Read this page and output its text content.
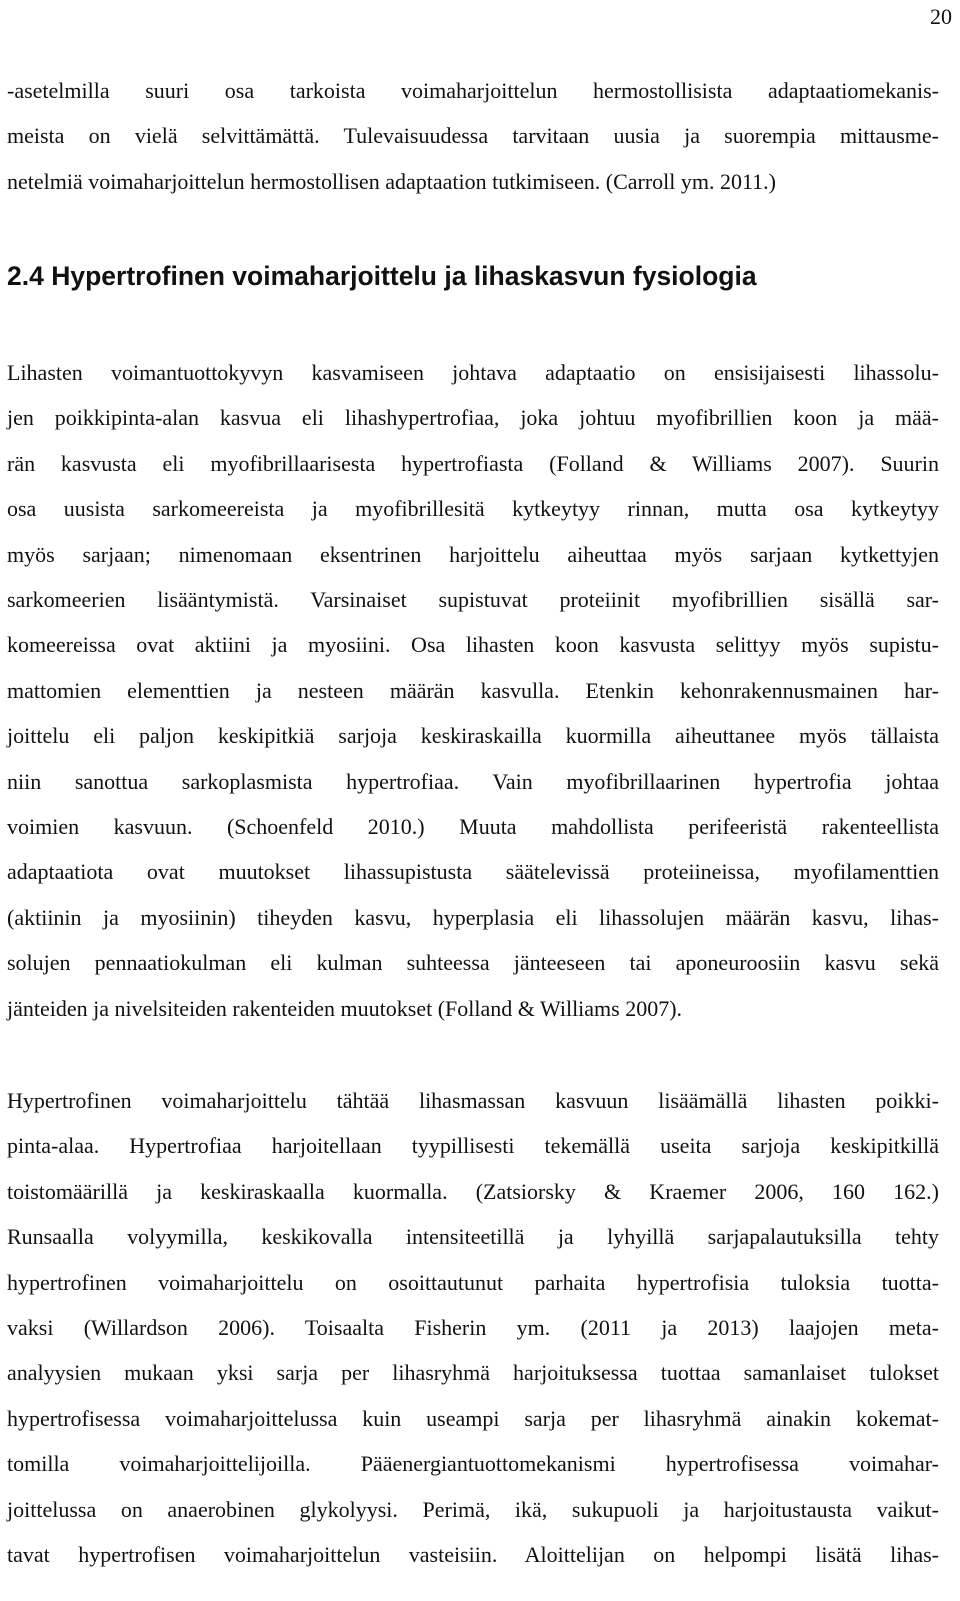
20

-asetelmilla suuri osa tarkoista voimaharjoittelun hermostollisista adaptaatiomekanis-
meista on vielä selvittämättä. Tulevaisuudessa tarvitaan uusia ja suorempia mittausme-
netelmiä voimaharjoittelun hermostollisen adaptaation tutkimiseen. (Carroll ym. 2011.)

2.4 Hypertrofinen voimaharjoittelu ja lihaskasvun fysiologia

Lihasten voimantuottokyvyn kasvamiseen johtava adaptaatio on ensisijaisesti lihassolu-
jen poikkipinta-alan kasvua eli lihashypertrofiaa, joka johtuu myofibrillien koon ja mää-
rän kasvusta eli myofibrillaarisesta hypertrofiasta (Folland & Williams 2007). Suurin
osa uusista sarkomeereista ja myofibrillesitä kytkeytyy rinnan, mutta osa kytkeytyy
myös sarjaan; nimenomaan eksentrinen harjoittelu aiheuttaa myös sarjaan kytkettyjen
sarkomeerien lisääntymistä. Varsinaiset supistuvat proteiinit myofibrillien sisällä sar-
komeereissa ovat aktiini ja myosiini. Osa lihasten koon kasvusta selittyy myös supistu-
mattomien elementtien ja nesteen määrän kasvulla. Etenkin kehonrakennusmainen har-
joittelu eli paljon keskipitkiä sarjoja keskiraskailla kuormilla aiheuttanee myös tällaista
niin sanottua sarkoplasmista hypertrofiaa. Vain myofibrillaarinen hypertrofia johtaa
voimien kasvuun. (Schoenfeld 2010.) Muuta mahdollista perifeeristä rakenteellista
adaptaatiota ovat muutokset lihassupistusta säätelevissä proteiineissa, myofilamenttien
(aktiinin ja myosiinin) tiheyden kasvu, hyperplasia eli lihassolujen määrän kasvu, lihas-
solujen pennaatiokulman eli kulman suhteessa jänteeseen tai aponeuroosiin kasvu sekä
jänteiden ja nivelsiteiden rakenteiden muutokset (Folland & Williams 2007).

Hypertrofinen voimaharjoittelu tähtää lihasmassan kasvuun lisäämällä lihasten poikki-
pinta-alaa. Hypertrofiaa harjoitellaan tyypillisesti tekemällä useita sarjoja keskipitkillä
toistomäärillä ja keskiraskaalla kuormalla. (Zatsiorsky & Kraemer 2006, 160 162.)
Runsaalla volyymilla, keskikovalla intensiteetillä ja lyhyillä sarjapalautuksilla tehty
hypertrofinen voimaharjoittelu on osoittautunut parhaita hypertrofisia tuloksia tuotta-
vaksi (Willardson 2006). Toisaalta Fisherin ym. (2011 ja 2013) laajojen meta-
analyysien mukaan yksi sarja per lihasryhmä harjoituksessa tuottaa samanlaiset tulokset
hypertrofisessa voimaharjoittelussa kuin useampi sarja per lihasryhmä ainakin kokemat-
tomilla voimaharjoittelijoilla. Pääenergiantuottomekanismi hypertrofisessa voimahar-
joittelussa on anaerobinen glykolyysi. Perimä, ikä, sukupuoli ja harjoitustausta vaikut-
tavat hypertrofisen voimaharjoittelun vasteisiin. Aloittelijan on helpompi lisätä lihas-
